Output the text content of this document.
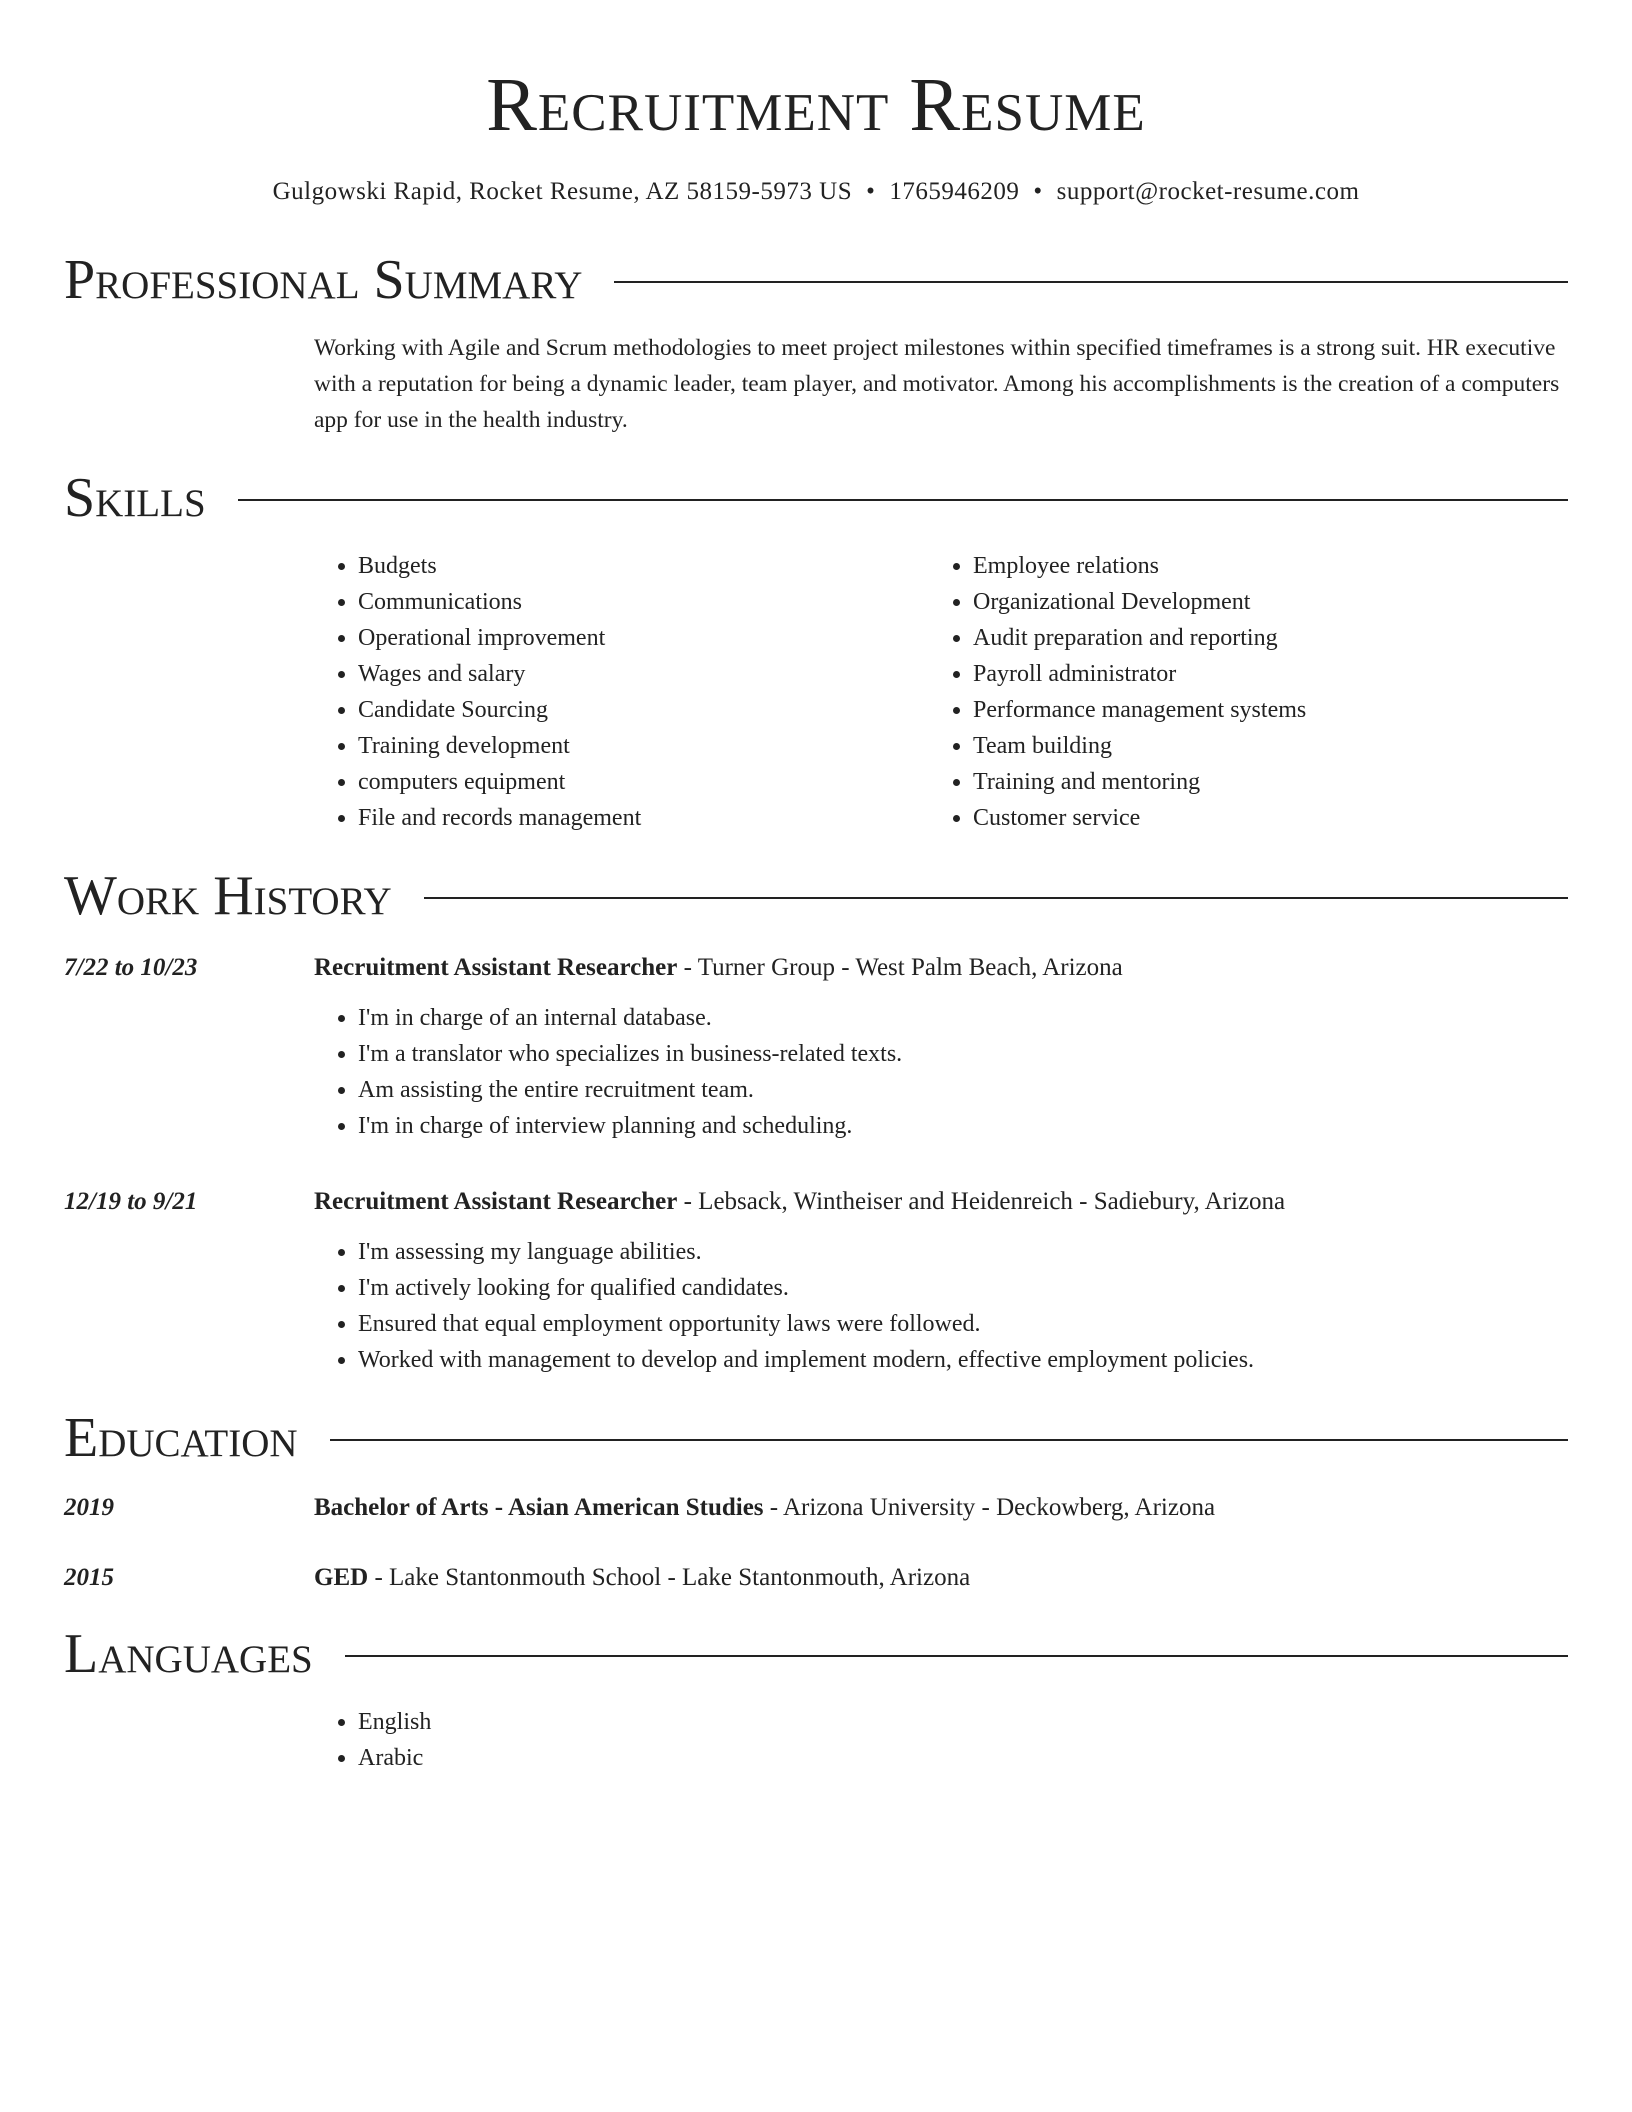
Recruitment Resume
Gulgowski Rapid, Rocket Resume, AZ 58159-5973 US • 1765946209 • support@rocket-resume.com
Professional Summary
Working with Agile and Scrum methodologies to meet project milestones within specified timeframes is a strong suit. HR executive with a reputation for being a dynamic leader, team player, and motivator. Among his accomplishments is the creation of a computers app for use in the health industry.
Skills
• Budgets
• Communications
• Operational improvement
• Wages and salary
• Candidate Sourcing
• Training development
• computers equipment
• File and records management
• Employee relations
• Organizational Development
• Audit preparation and reporting
• Payroll administrator
• Performance management systems
• Team building
• Training and mentoring
• Customer service
Work History
7/22 to 10/23	Recruitment Assistant Researcher - Turner Group - West Palm Beach, Arizona
• I'm in charge of an internal database.
• I'm a translator who specializes in business-related texts.
• Am assisting the entire recruitment team.
• I'm in charge of interview planning and scheduling.
12/19 to 9/21	Recruitment Assistant Researcher - Lebsack, Wintheiser and Heidenreich - Sadiebury, Arizona
• I'm assessing my language abilities.
• I'm actively looking for qualified candidates.
• Ensured that equal employment opportunity laws were followed.
• Worked with management to develop and implement modern, effective employment policies.
Education
2019	Bachelor of Arts - Asian American Studies - Arizona University - Deckowberg, Arizona
2015	GED - Lake Stantonmouth School - Lake Stantonmouth, Arizona
Languages
• English
• Arabic
